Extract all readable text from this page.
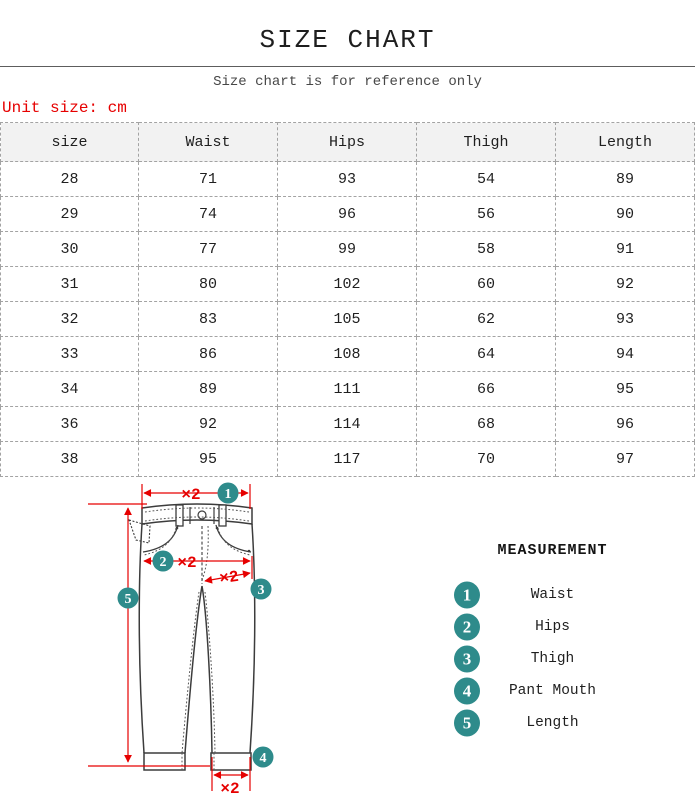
SIZE CHART
Size chart is for reference only
Unit size: cm
size	Waist	Hips	Thigh	Length
28	71	93	54	89
29	74	96	56	90
30	77	99	58	91
31	80	102	60	92
32	83	105	62	93
33	86	108	64	94
34	89	111	66	95
36	92	114	68	96
38	95	117	70	97
×2
×2
×2
×2
1
2
3
4
5
MEASUREMENT
1	Waist
2	Hips
3	Thigh
4	Pant Mouth
5	Length
